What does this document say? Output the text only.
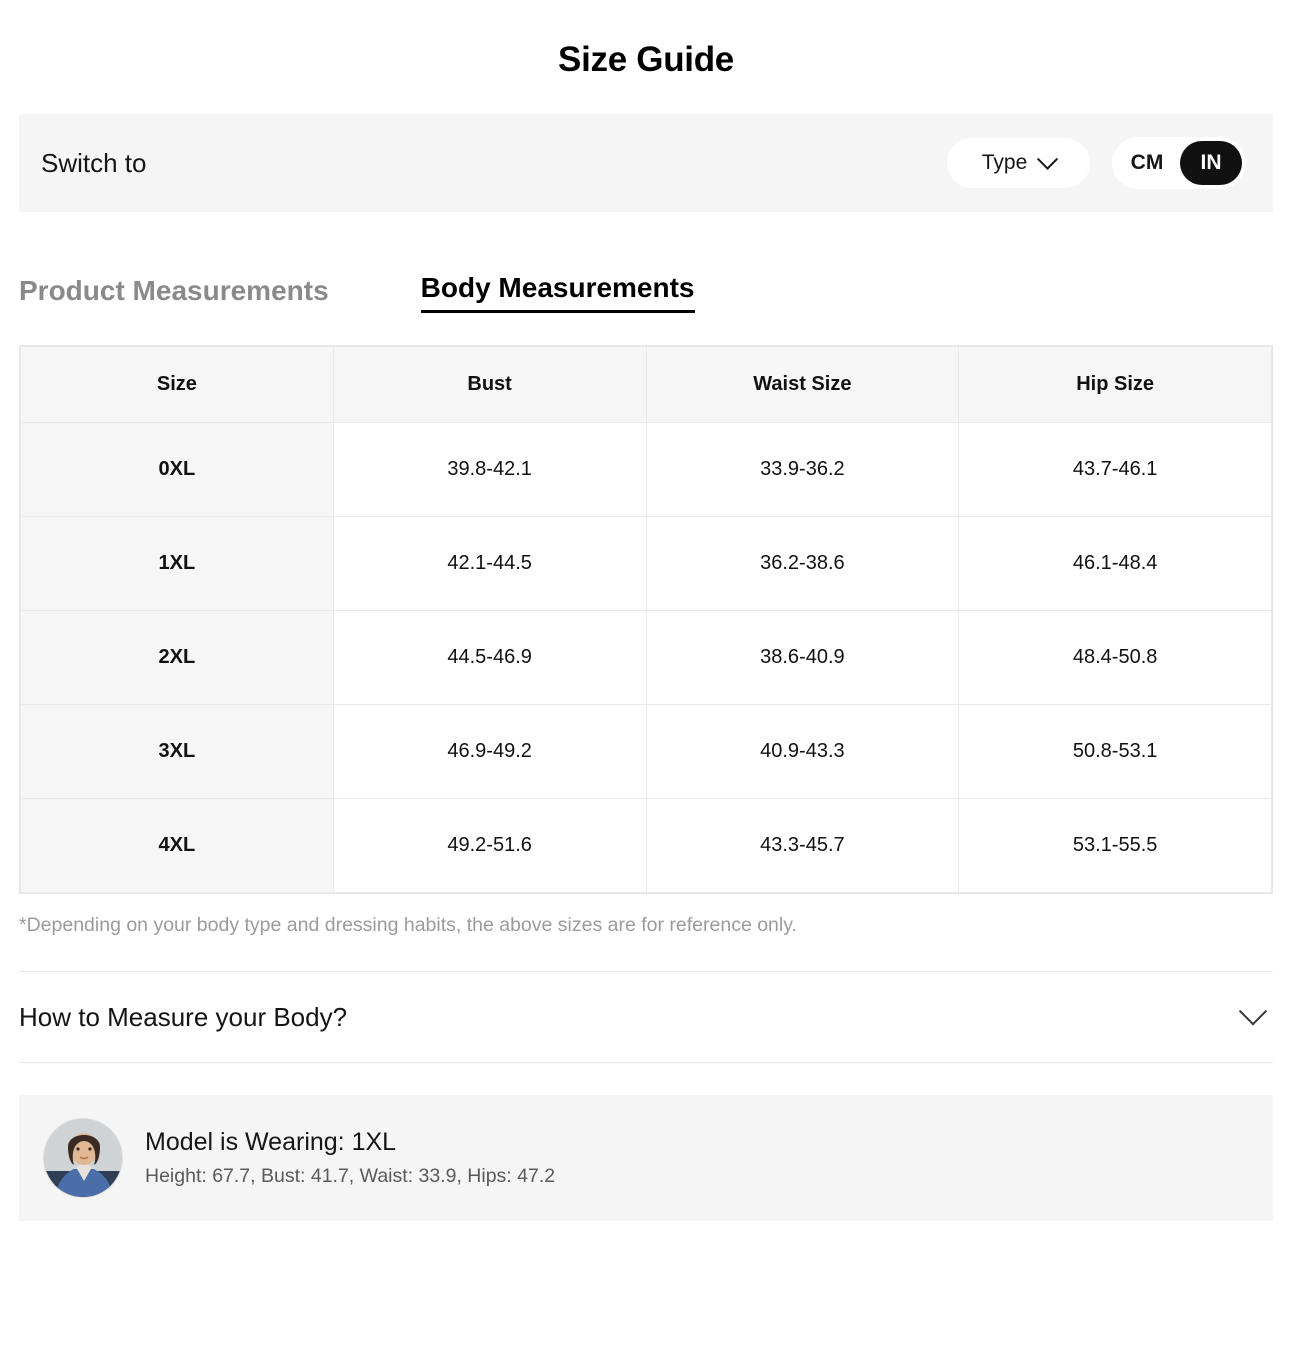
Size Guide
Switch to	Type	CM	IN
Product Measurements	Body Measurements
Size	Bust	Waist Size	Hip Size
0XL	39.8-42.1	33.9-36.2	43.7-46.1
1XL	42.1-44.5	36.2-38.6	46.1-48.4
2XL	44.5-46.9	38.6-40.9	48.4-50.8
3XL	46.9-49.2	40.9-43.3	50.8-53.1
4XL	49.2-51.6	43.3-45.7	53.1-55.5
*Depending on your body type and dressing habits, the above sizes are for reference only.
How to Measure your Body?
Model is Wearing: 1XL
Height: 67.7, Bust: 41.7, Waist: 33.9, Hips: 47.2
